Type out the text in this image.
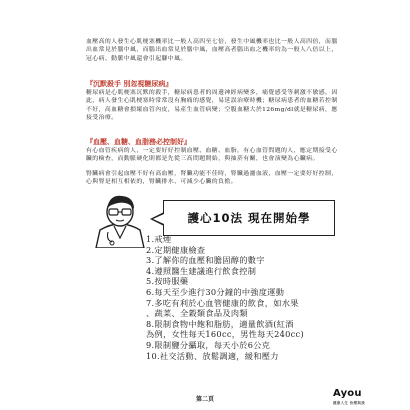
血壓高的人發生心肌梗塞機率比一般人高四至七倍，發生中風機率也比一般人高四倍，而腦出血常見於腦中風，而腦出血常見於腦中風，血壓高者腦出血之機率約為一般人八倍以上，冠心病、動脈中風還會引起腳中風。

『沉默殺手 別忽視糖尿病』

糖尿病是心肌梗塞沉默的殺手，糖尿病患者的周邊神經病變多，痛覺感受等刺激不敏感，因此，病人發生心肌梗塞時常常沒有胸痛的感覺，易延誤治療時機；糖尿病患者的血糖若控制不好，高血糖會損壞血管內皮，易產生血管病變；空腹血糖大於126mg/dl就是糖尿病，應接受治療。

『血壓、血糖、血脂務必控制好』

有心血管疾病的人，一定要好好控制血壓、血糖、血脂，有心血管問題的人，應定期接受心臟的檢查，而動脈硬化則都是先從三高問題開始，與抽菸有關，也會演變為心臟病。

腎臟病會引起血壓不好有高血壓，腎臟功能不佳時，腎臟過濾血液，血壓一定要好好控制，心與腎是相互相依的，腎臟排水、可減少心臟的負擔。

護心10法 現在開始學
1.戒煙
2.定期健康檢查
3.了解你的血壓和膽固醇的數字
4.遵照醫生建議進行飲食控制
5.按時服藥
6.每天至少進行30分鐘的中強度運動
7.多吃有利於心血管健康的飲食，如水果
、蔬菜、全穀類食品及肉類
8.限制食物中飽和脂肪，適量飲酒(紅酒
為例，女性每天160cc，男性每天240cc)
9.限制鹽分攝取，每天小於6公克
10.社交活動、放鬆調適，緩和壓力
Ayou
健康人生 快樂與我
第二頁
